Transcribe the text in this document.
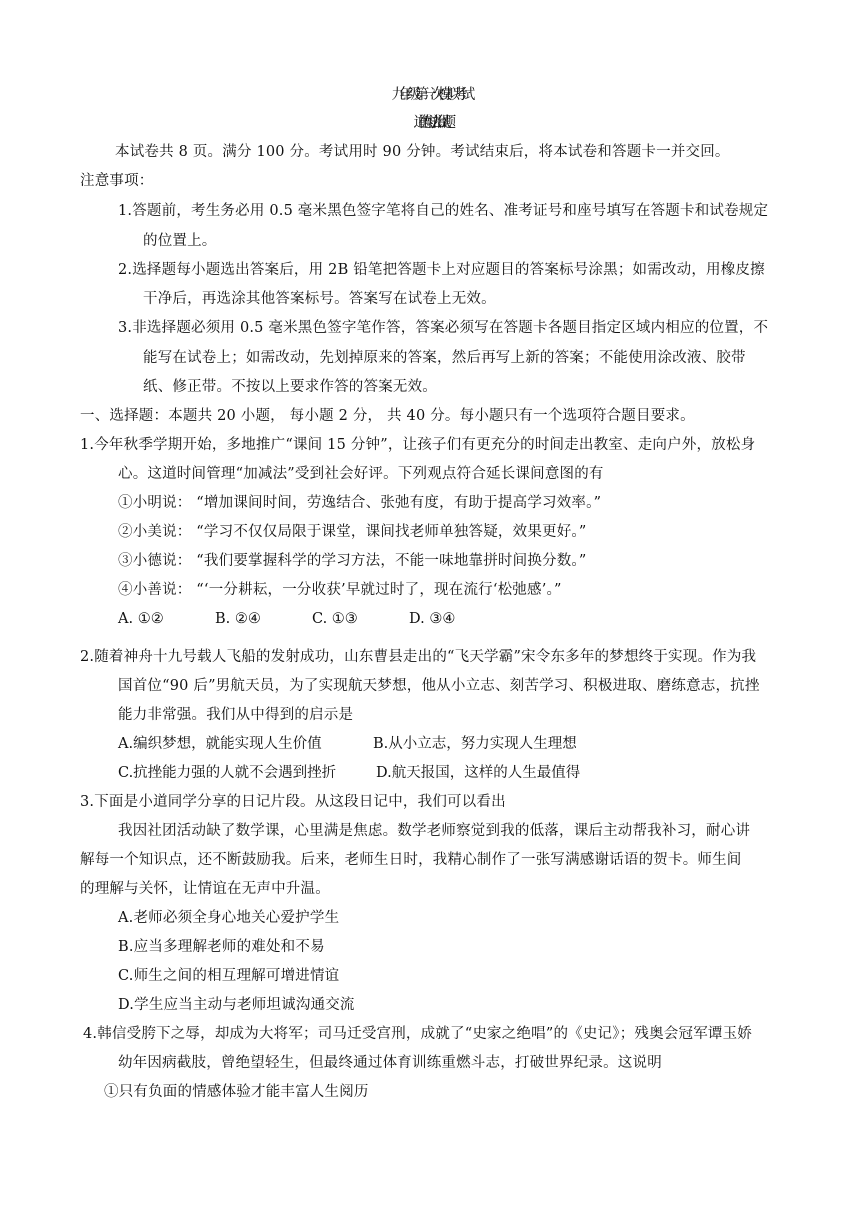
九年级第一次模拟考试
道德与法治试题
本试卷共 8 页。满分 100 分。考试用时 90 分钟。考试结束后，将本试卷和答题卡一并交回。
注意事项：
1.答题前，考生务必用 0.5 毫米黑色签字笔将自己的姓名、准考证号和座号填写在答题卡和试卷规定
的位置上。
2.选择题每小题选出答案后，用 2B 铅笔把答题卡上对应题目的答案标号涂黑；如需改动，用橡皮擦
干净后，再选涂其他答案标号。答案写在试卷上无效。
3.非选择题必须用 0.5 毫米黑色签字笔作答，答案必须写在答题卡各题目指定区域内相应的位置，不
能写在试卷上；如需改动，先划掉原来的答案，然后再写上新的答案；不能使用涂改液、胶带
纸、修正带。不按以上要求作答的答案无效。
一、选择题：本题共 20 小题， 每小题 2 分， 共 40 分。每小题只有一个选项符合题目要求。
1.今年秋季学期开始，多地推广“课间 15 分钟”，让孩子们有更充分的时间走出教室、走向户外，放松身
心。这道时间管理“加减法”受到社会好评。下列观点符合延长课间意图的有
①小明说： “增加课间时间，劳逸结合、张弛有度，有助于提高学习效率。”
②小美说： “学习不仅仅局限于课堂，课间找老师单独答疑，效果更好。”
③小德说： “我们要掌握科学的学习方法，不能一味地靠拼时间换分数。”
④小善说： “‘一分耕耘，一分收获’早就过时了，现在流行‘松弛感’。”
A. ①②	B. ②④	C. ①③	D. ③④
2.随着神舟十九号载人飞船的发射成功，山东曹县走出的“飞天学霸”宋令东多年的梦想终于实现。作为我
国首位“90 后”男航天员，为了实现航天梦想，他从小立志、刻苦学习、积极进取、磨练意志，抗挫
能力非常强。我们从中得到的启示是
A.编织梦想，就能实现人生价值	B.从小立志，努力实现人生理想
C.抗挫能力强的人就不会遇到挫折	D.航天报国，这样的人生最值得
3.下面是小道同学分享的日记片段。从这段日记中，我们可以看出
我因社团活动缺了数学课，心里满是焦虑。数学老师察觉到我的低落，课后主动帮我补习，耐心讲
解每一个知识点，还不断鼓励我。后来，老师生日时，我精心制作了一张写满感谢话语的贺卡。师生间
的理解与关怀，让情谊在无声中升温。
A.老师必须全身心地关心爱护学生
B.应当多理解老师的难处和不易
C.师生之间的相互理解可增进情谊
D.学生应当主动与老师坦诚沟通交流
4.韩信受胯下之辱，却成为大将军；司马迁受宫刑，成就了“史家之绝唱”的《史记》；残奥会冠军谭玉娇
幼年因病截肢，曾绝望轻生，但最终通过体育训练重燃斗志，打破世界纪录。这说明
①只有负面的情感体验才能丰富人生阅历
